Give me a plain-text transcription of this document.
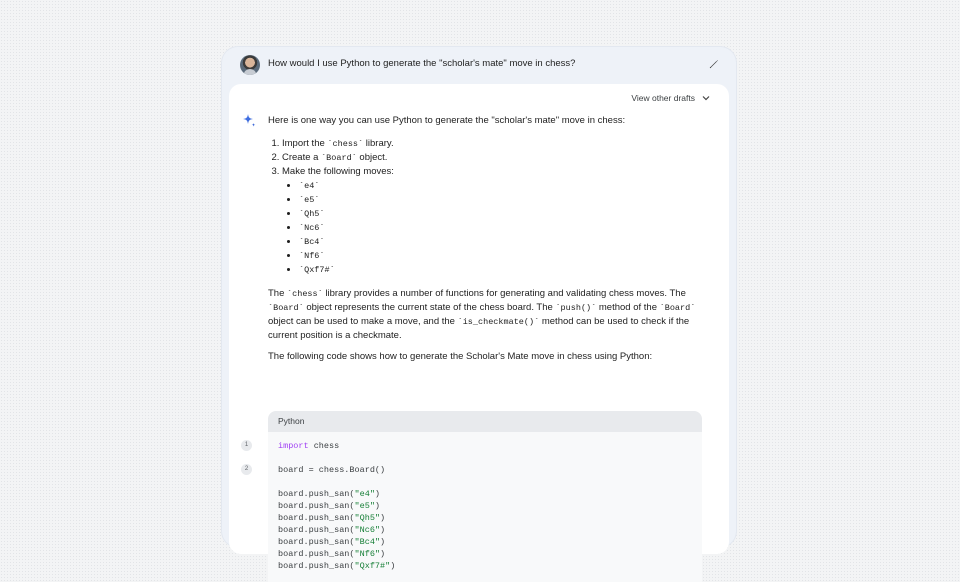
How would I use Python to generate the "scholar's mate" move in chess?
View other drafts

Here is one way you can use Python to generate the "scholar's mate" move in chess:

1. Import the `chess` library.
2. Create a `Board` object.
3. Make the following moves:
• `e4`
• `e5`
• `Qh5`
• `Nc6`
• `Bc4`
• `Nf6`
• `Qxf7#`

The `chess` library provides a number of functions for generating and validating chess moves. The `Board` object represents the current state of the chess board. The `push()` method of the `Board` object can be used to make a move, and the `is_checkmate()` method can be used to check if the current position is a checkmate.

The following code shows how to generate the Scholar's Mate move in chess using Python:

Python
1
2
import chess
board = chess.Board()
board.push_san("e4")
board.push_san("e5")
board.push_san("Qh5")
board.push_san("Nc6")
board.push_san("Bc4")
board.push_san("Nf6")
board.push_san("Qxf7#")
